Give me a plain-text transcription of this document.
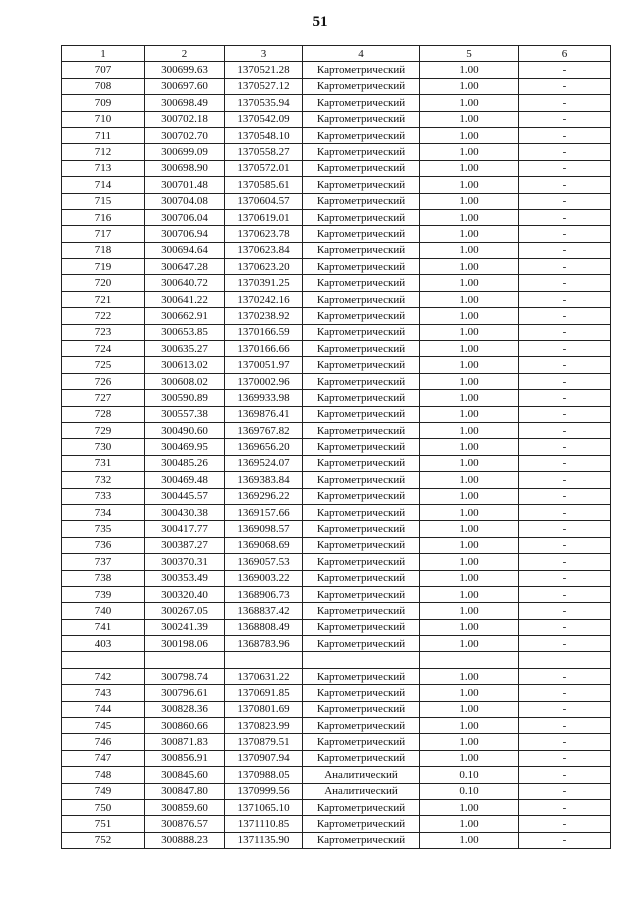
51
1	2	3	4	5	6
707	300699.63	1370521.28	Картометрический	1.00	-
708	300697.60	1370527.12	Картометрический	1.00	-
709	300698.49	1370535.94	Картометрический	1.00	-
710	300702.18	1370542.09	Картометрический	1.00	-
711	300702.70	1370548.10	Картометрический	1.00	-
712	300699.09	1370558.27	Картометрический	1.00	-
713	300698.90	1370572.01	Картометрический	1.00	-
714	300701.48	1370585.61	Картометрический	1.00	-
715	300704.08	1370604.57	Картометрический	1.00	-
716	300706.04	1370619.01	Картометрический	1.00	-
717	300706.94	1370623.78	Картометрический	1.00	-
718	300694.64	1370623.84	Картометрический	1.00	-
719	300647.28	1370623.20	Картометрический	1.00	-
720	300640.72	1370391.25	Картометрический	1.00	-
721	300641.22	1370242.16	Картометрический	1.00	-
722	300662.91	1370238.92	Картометрический	1.00	-
723	300653.85	1370166.59	Картометрический	1.00	-
724	300635.27	1370166.66	Картометрический	1.00	-
725	300613.02	1370051.97	Картометрический	1.00	-
726	300608.02	1370002.96	Картометрический	1.00	-
727	300590.89	1369933.98	Картометрический	1.00	-
728	300557.38	1369876.41	Картометрический	1.00	-
729	300490.60	1369767.82	Картометрический	1.00	-
730	300469.95	1369656.20	Картометрический	1.00	-
731	300485.26	1369524.07	Картометрический	1.00	-
732	300469.48	1369383.84	Картометрический	1.00	-
733	300445.57	1369296.22	Картометрический	1.00	-
734	300430.38	1369157.66	Картометрический	1.00	-
735	300417.77	1369098.57	Картометрический	1.00	-
736	300387.27	1369068.69	Картометрический	1.00	-
737	300370.31	1369057.53	Картометрический	1.00	-
738	300353.49	1369003.22	Картометрический	1.00	-
739	300320.40	1368906.73	Картометрический	1.00	-
740	300267.05	1368837.42	Картометрический	1.00	-
741	300241.39	1368808.49	Картометрический	1.00	-
403	300198.06	1368783.96	Картометрический	1.00	-

742	300798.74	1370631.22	Картометрический	1.00	-
743	300796.61	1370691.85	Картометрический	1.00	-
744	300828.36	1370801.69	Картометрический	1.00	-
745	300860.66	1370823.99	Картометрический	1.00	-
746	300871.83	1370879.51	Картометрический	1.00	-
747	300856.91	1370907.94	Картометрический	1.00	-
748	300845.60	1370988.05	Аналитический	0.10	-
749	300847.80	1370999.56	Аналитический	0.10	-
750	300859.60	1371065.10	Картометрический	1.00	-
751	300876.57	1371110.85	Картометрический	1.00	-
752	300888.23	1371135.90	Картометрический	1.00	-
